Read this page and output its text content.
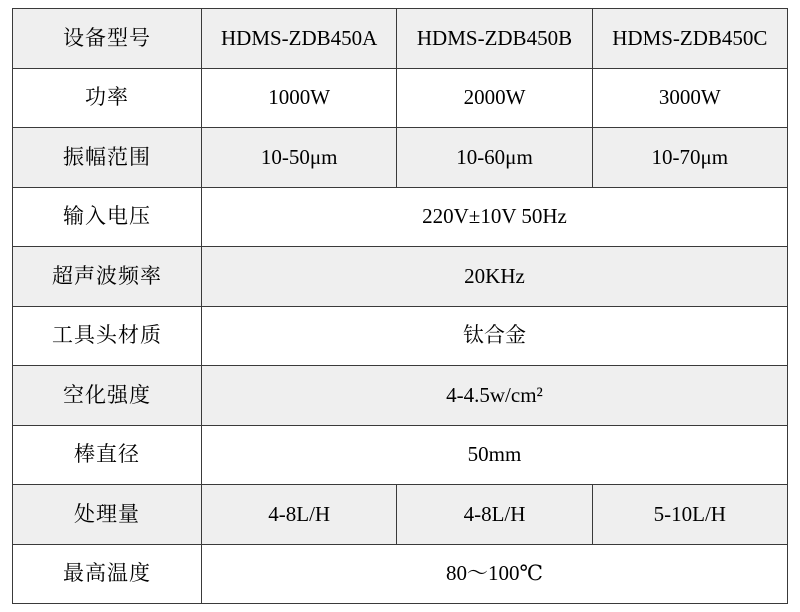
设备型号	HDMS-ZDB450A	HDMS-ZDB450B	HDMS-ZDB450C
功率	1000W	2000W	3000W
振幅范围	10-50μm	10-60μm	10-70μm
输入电压	220V±10V 50Hz		
超声波频率	20KHz		
工具头材质	钛合金		
空化强度	4-4.5w/cm²		
棒直径	50mm		
处理量	4-8L/H	4-8L/H	5-10L/H
最高温度	80～100℃		
